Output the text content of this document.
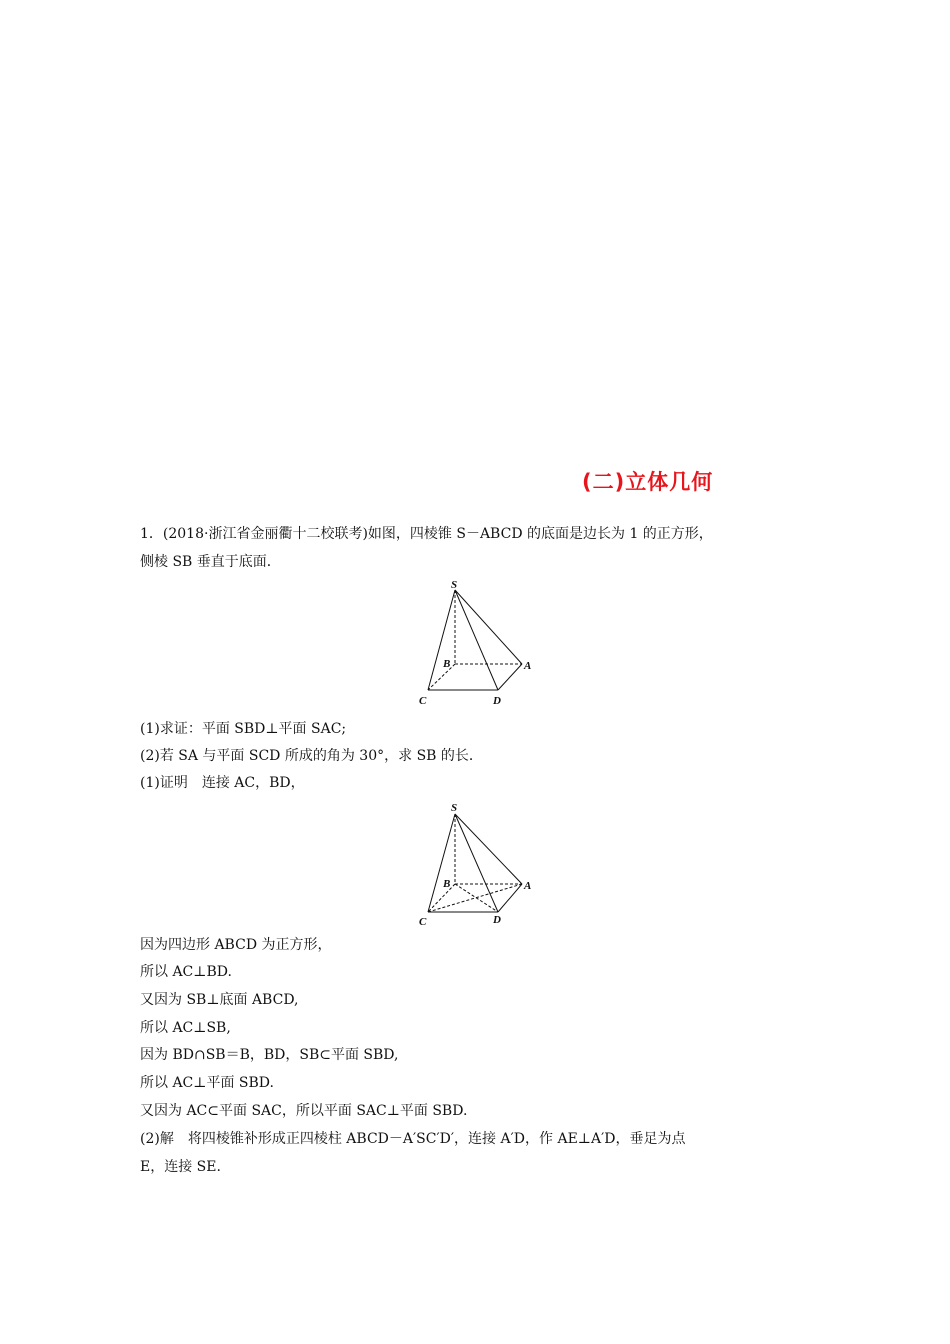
(二)立体几何
1．(2018·浙江省金丽衢十二校联考)如图，四棱锥 S－ABCD 的底面是边长为 1 的正方形，
侧棱 SB 垂直于底面．
S
B	A
C	D
(1)求证：平面 SBD⊥平面 SAC;
(2)若 SA 与平面 SCD 所成的角为 30°，求 SB 的长．
(1)证明　连接 AC，BD，
S
B	A
C	D
因为四边形 ABCD 为正方形，
所以 AC⊥BD.
又因为 SB⊥底面 ABCD,
所以 AC⊥SB,
因为 BD∩SB＝B，BD，SB⊂平面 SBD,
所以 AC⊥平面 SBD.
又因为 AC⊂平面 SAC，所以平面 SAC⊥平面 SBD.
(2)解　将四棱锥补形成正四棱柱 ABCD－A′SC′D′，连接 A′D，作 AE⊥A′D，垂足为点
E，连接 SE.
